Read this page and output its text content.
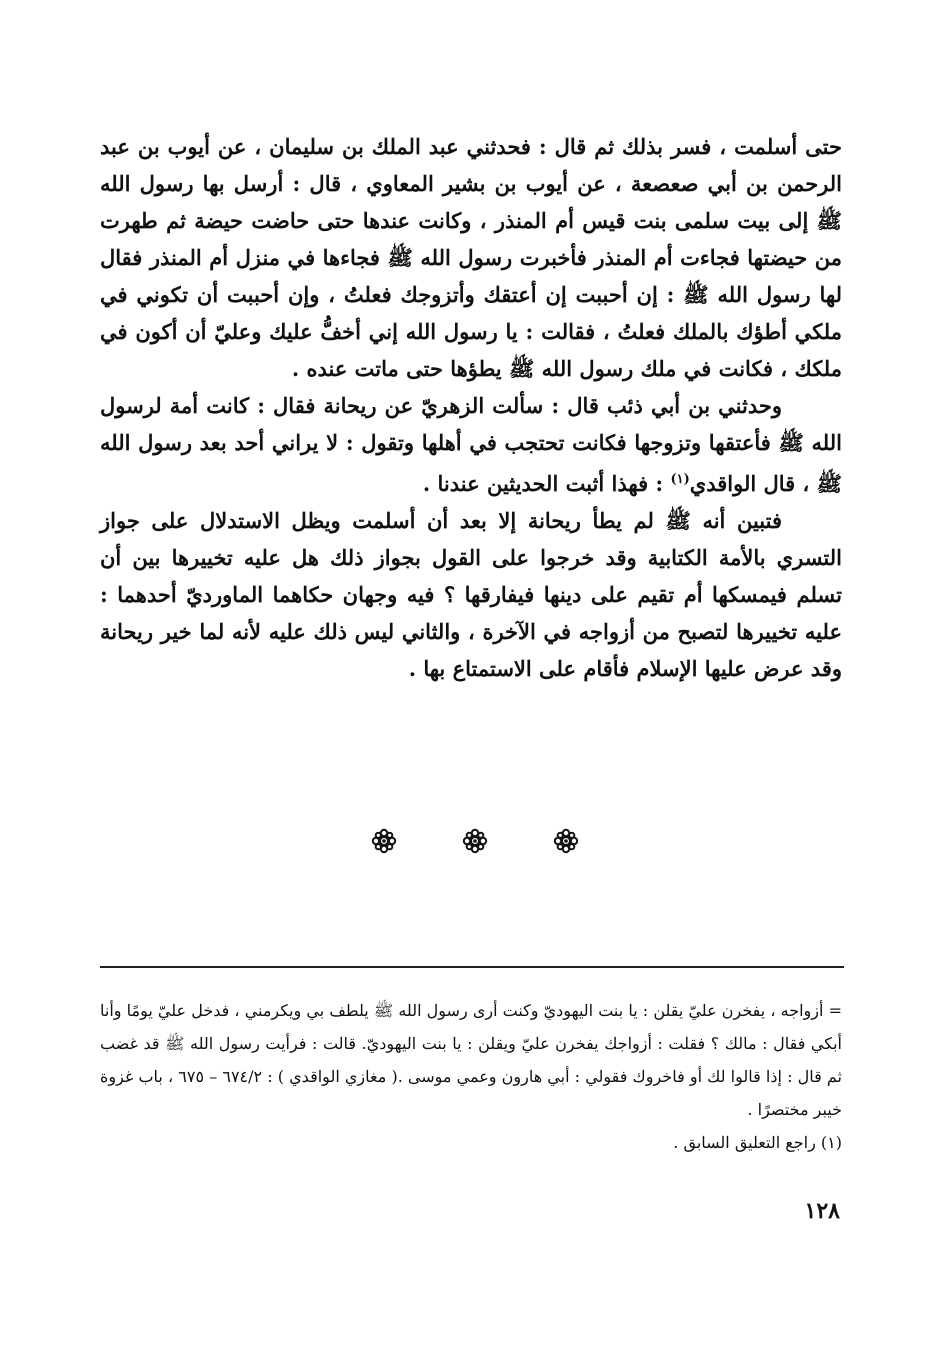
حتى أسلمت ، فسر بذلك ثم قال : فحدثني عبد الملك بن سليمان ، عن أيوب بن عبد الرحمن بن أبي صعصعة ، عن أيوب بن بشير المعاوي ، قال : أرسل بها رسول الله ﷺ إلى بيت سلمى بنت قيس أم المنذر ، وكانت عندها حتى حاضت حيضة ثم طهرت من حيضتها فجاءت أم المنذر فأخبرت رسول الله ﷺ فجاءها في منزل أم المنذر فقال لها رسول الله ﷺ : إن أحببت إن أعتقك وأتزوجك فعلتُ ، وإن أحببت أن تكوني في ملكي أطؤك بالملك فعلتُ ، فقالت : يا رسول الله إني أخفُّ عليك وعليّ أن أكون في ملكك ، فكانت في ملك رسول الله ﷺ يطؤها حتى ماتت عنده .

وحدثني بن أبي ذئب قال : سألت الزهريّ عن ريحانة فقال : كانت أمة لرسول الله ﷺ فأعتقها وتزوجها فكانت تحتجب في أهلها وتقول : لا يراني أحد بعد رسول الله ﷺ ، قال الواقدي$^{(١)}$ : فهذا أثبت الحديثين عندنا .

فتبين أنه ﷺ لم يطأ ريحانة إلا بعد أن أسلمت ويظل الاستدلال على جواز التسري بالأمة الكتابية وقد خرجوا على القول بجواز ذلك هل عليه تخييرها بين أن تسلم فيمسكها أم تقيم على دينها فيفارقها ؟ فيه وجهان حكاهما الماورديّ أحدهما : عليه تخييرها لتصبح من أزواجه في الآخرة ، والثاني ليس ذلك عليه لأنه لما خير ريحانة وقد عرض عليها الإسلام فأقام على الاستمتاع بها .

= أزواجه ، يفخرن عليّ يقلن : يا بنت اليهوديّ وكنت أرى رسول الله ﷺ يلطف بي ويكرمني ، فدخل عليّ يومًا وأنا أبكي فقال : مالك ؟ فقلت : أزواجك يفخرن عليّ ويقلن : يا بنت اليهوديّ. قالت : فرأيت رسول الله ﷺ قد غضب ثم قال : إذا قالوا لك أو فاخروك فقولي : أبي هارون وعمي موسى .( مغازي الواقدي ) : ٦٧٤/٢ – ٦٧٥ ، باب غزوة خيبر مختصرًا .

(١) راجع التعليق السابق .

١٢٨
